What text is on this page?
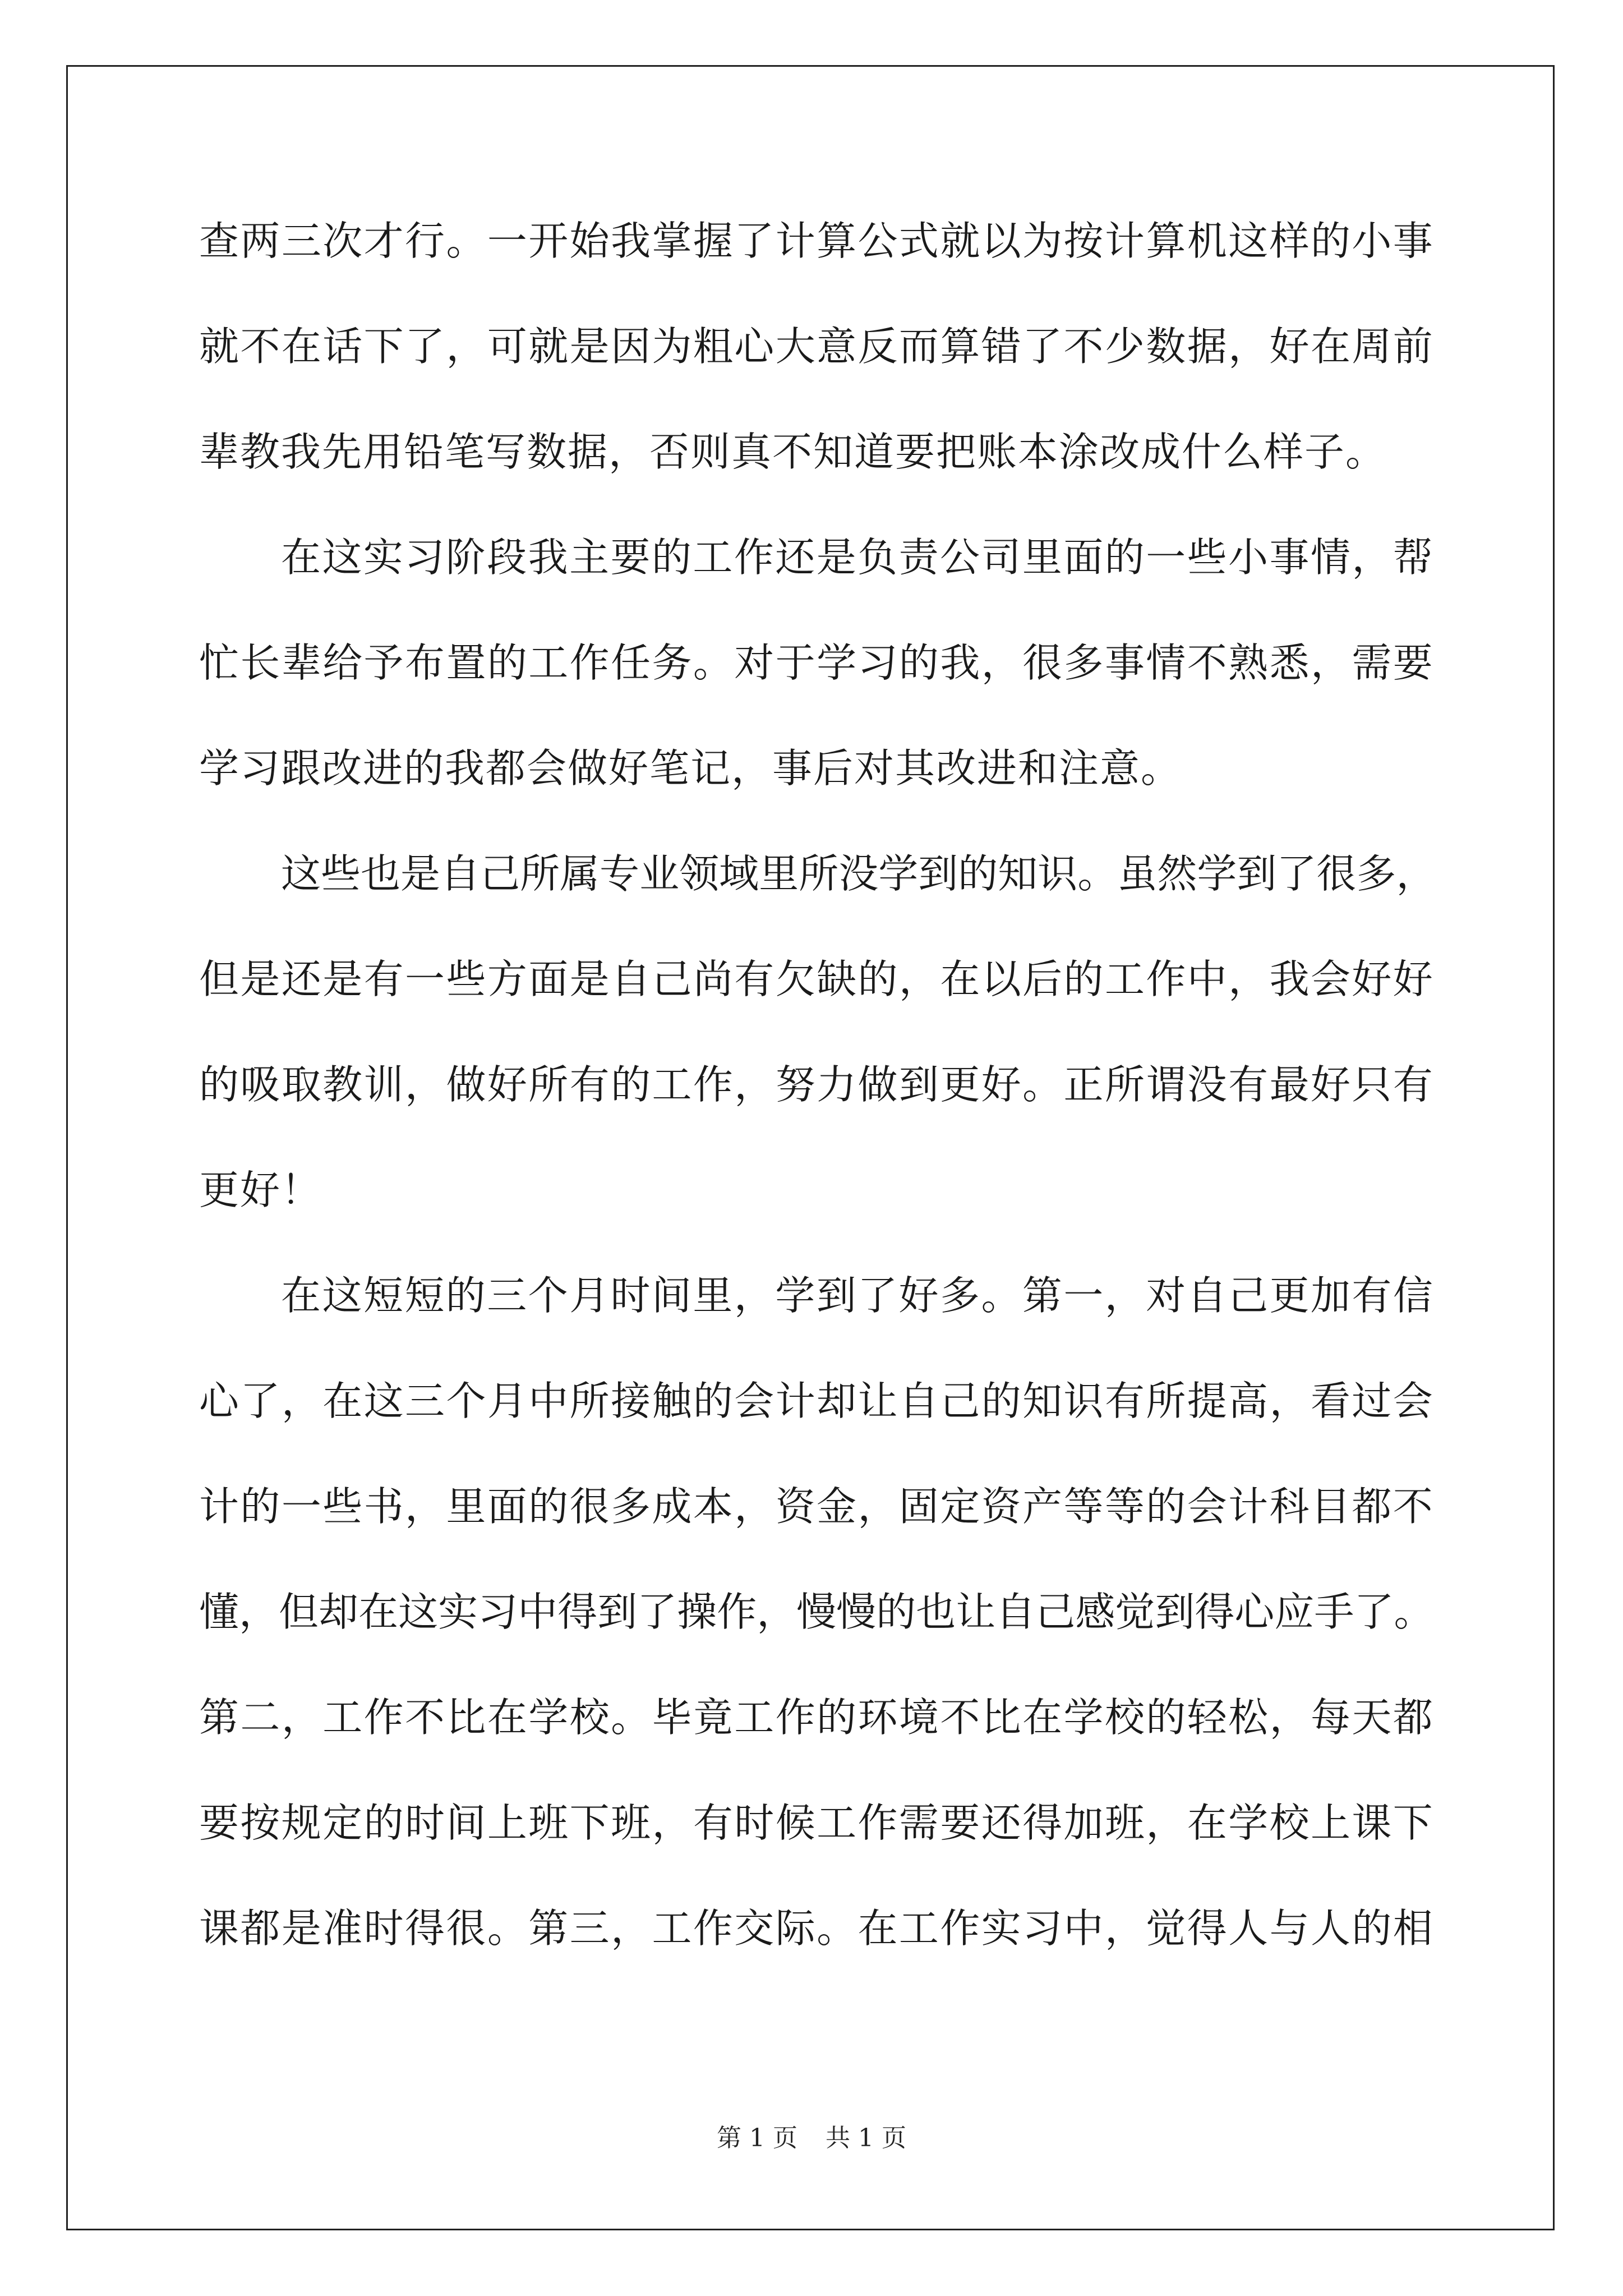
查 两 三 次 才 行 。 一 开 始 我 掌 握 了 计 算 公 式 就 以 为 按 计 算 机 这 样 的 小 事
就 不 在 话 下 了 ， 可 就 是 因 为 粗 心 大 意 反 而 算 错 了 不 少 数 据 ， 好 在 周 前
辈教我先用铅笔写数据，否则真不知道要把账本涂改成什么样子。
在 这 实 习 阶 段 我 主 要 的 工 作 还 是 负 责 公 司 里 面 的 一 些 小 事 情 ， 帮
忙 长 辈 给 予 布 置 的 工 作 任 务 。 对 于 学 习 的 我 ， 很 多 事 情 不 熟 悉 ， 需 要
学习跟改进的我都会做好笔记，事后对其改进和注意。
这 些 也 是 自 己 所 属 专 业 领 域 里 所 没 学 到 的 知 识 。 虽 然 学 到 了 很 多 ，
但 是 还 是 有 一 些 方 面 是 自 己 尚 有 欠 缺 的 ， 在 以 后 的 工 作 中 ， 我 会 好 好
的 吸 取 教 训 ， 做 好 所 有 的 工 作 ， 努 力 做 到 更 好 。 正 所 谓 没 有 最 好 只 有
更好！
在 这 短 短 的 三 个 月 时 间 里 ， 学 到 了 好 多 。 第 一 ， 对 自 己 更 加 有 信
心 了 ， 在 这 三 个 月 中 所 接 触 的 会 计 却 让 自 己 的 知 识 有 所 提 高 ， 看 过 会
计 的 一 些 书 ， 里 面 的 很 多 成 本 ， 资 金 ， 固 定 资 产 等 等 的 会 计 科 目 都 不
懂 ， 但 却 在 这 实 习 中 得 到 了 操 作 ， 慢 慢 的 也 让 自 己 感 觉 到 得 心 应 手 了 。
第 二 ， 工 作 不 比 在 学 校 。 毕 竟 工 作 的 环 境 不 比 在 学 校 的 轻 松 ， 每 天 都
要 按 规 定 的 时 间 上 班 下 班 ， 有 时 候 工 作 需 要 还 得 加 班 ， 在 学 校 上 课 下
课 都 是 准 时 得 很 。 第 三 ， 工 作 交 际 。 在 工 作 实 习 中 ， 觉 得 人 与 人 的 相
第 1 页 共 1 页
